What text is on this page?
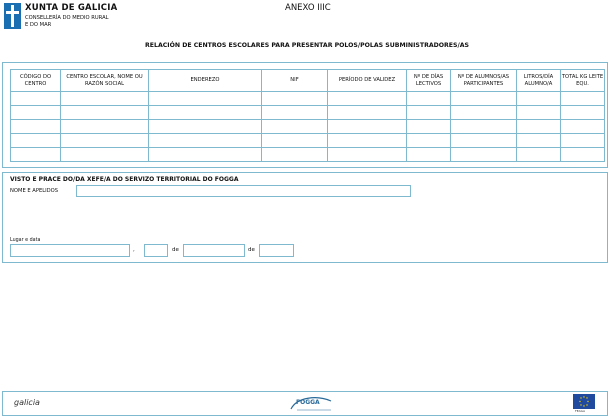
XUNTA DE GALICIA
CONSELLERÍA DO MEDIO RURAL
E DO MAR
ANEXO IIIC
RELACIÓN DE CENTROS ESCOLARES PARA PRESENTAR POLOS/POLAS SUBMINISTRADORES/AS
CÓDIGO DO CENTRO	CENTRO ESCOLAR, NOME OU RAZÓN SOCIAL	ENDEREZO	NIF	PERÍODO DE VALIDEZ	Nº DE DÍAS LECTIVOS	Nº DE ALUMNOS/AS PARTICIPANTES	LITROS/DÍA ALUMNO/A	TOTAL KG LEITE EQU.

VISTO E PRACE DO/DA XEFE/A DO SERVIZO TERRITORIAL DO FOGGA
NOME E APELIDOS
Lugar e data
,	de	de
galicia	FOGGA
FEAGA
